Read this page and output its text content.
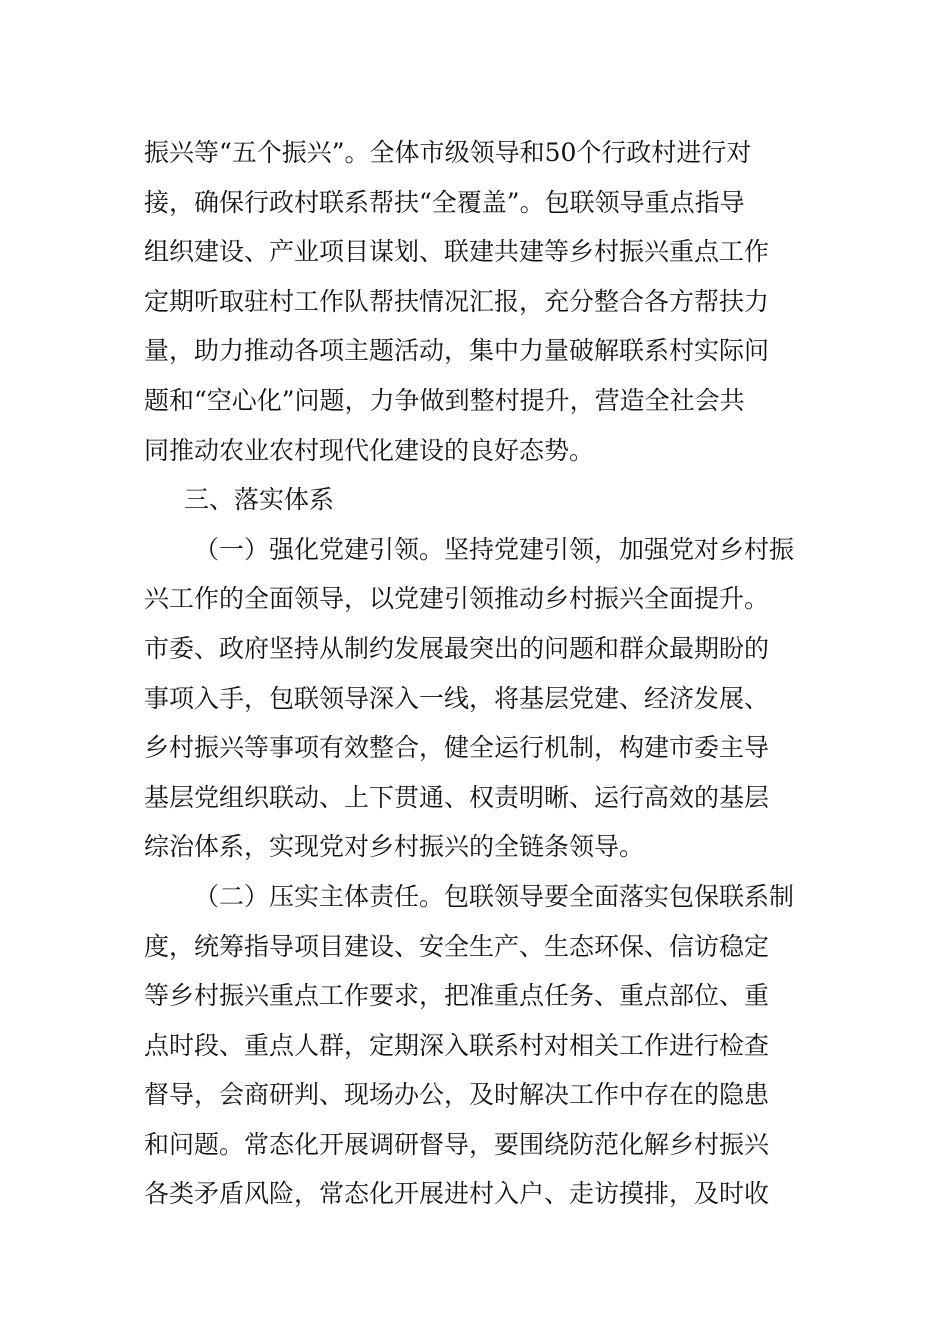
振兴等“五个振兴”。全体市级领导和50个行政村进行对
接，确保行政村联系帮扶“全覆盖”。包联领导重点指导
组织建设、产业项目谋划、联建共建等乡村振兴重点工作
定期听取驻村工作队帮扶情况汇报，充分整合各方帮扶力
量，助力推动各项主题活动，集中力量破解联系村实际问
题和“空心化”问题，力争做到整村提升，营造全社会共
同推动农业农村现代化建设的良好态势。
三、落实体系
（一）强化党建引领。坚持党建引领，加强党对乡村振
兴工作的全面领导，以党建引领推动乡村振兴全面提升。
市委、政府坚持从制约发展最突出的问题和群众最期盼的
事项入手，包联领导深入一线，将基层党建、经济发展、
乡村振兴等事项有效整合，健全运行机制，构建市委主导
基层党组织联动、上下贯通、权责明晰、运行高效的基层
综治体系，实现党对乡村振兴的全链条领导。
（二）压实主体责任。包联领导要全面落实包保联系制
度，统筹指导项目建设、安全生产、生态环保、信访稳定
等乡村振兴重点工作要求，把准重点任务、重点部位、重
点时段、重点人群，定期深入联系村对相关工作进行检查
督导，会商研判、现场办公，及时解决工作中存在的隐患
和问题。常态化开展调研督导，要围绕防范化解乡村振兴
各类矛盾风险，常态化开展进村入户、走访摸排，及时收
